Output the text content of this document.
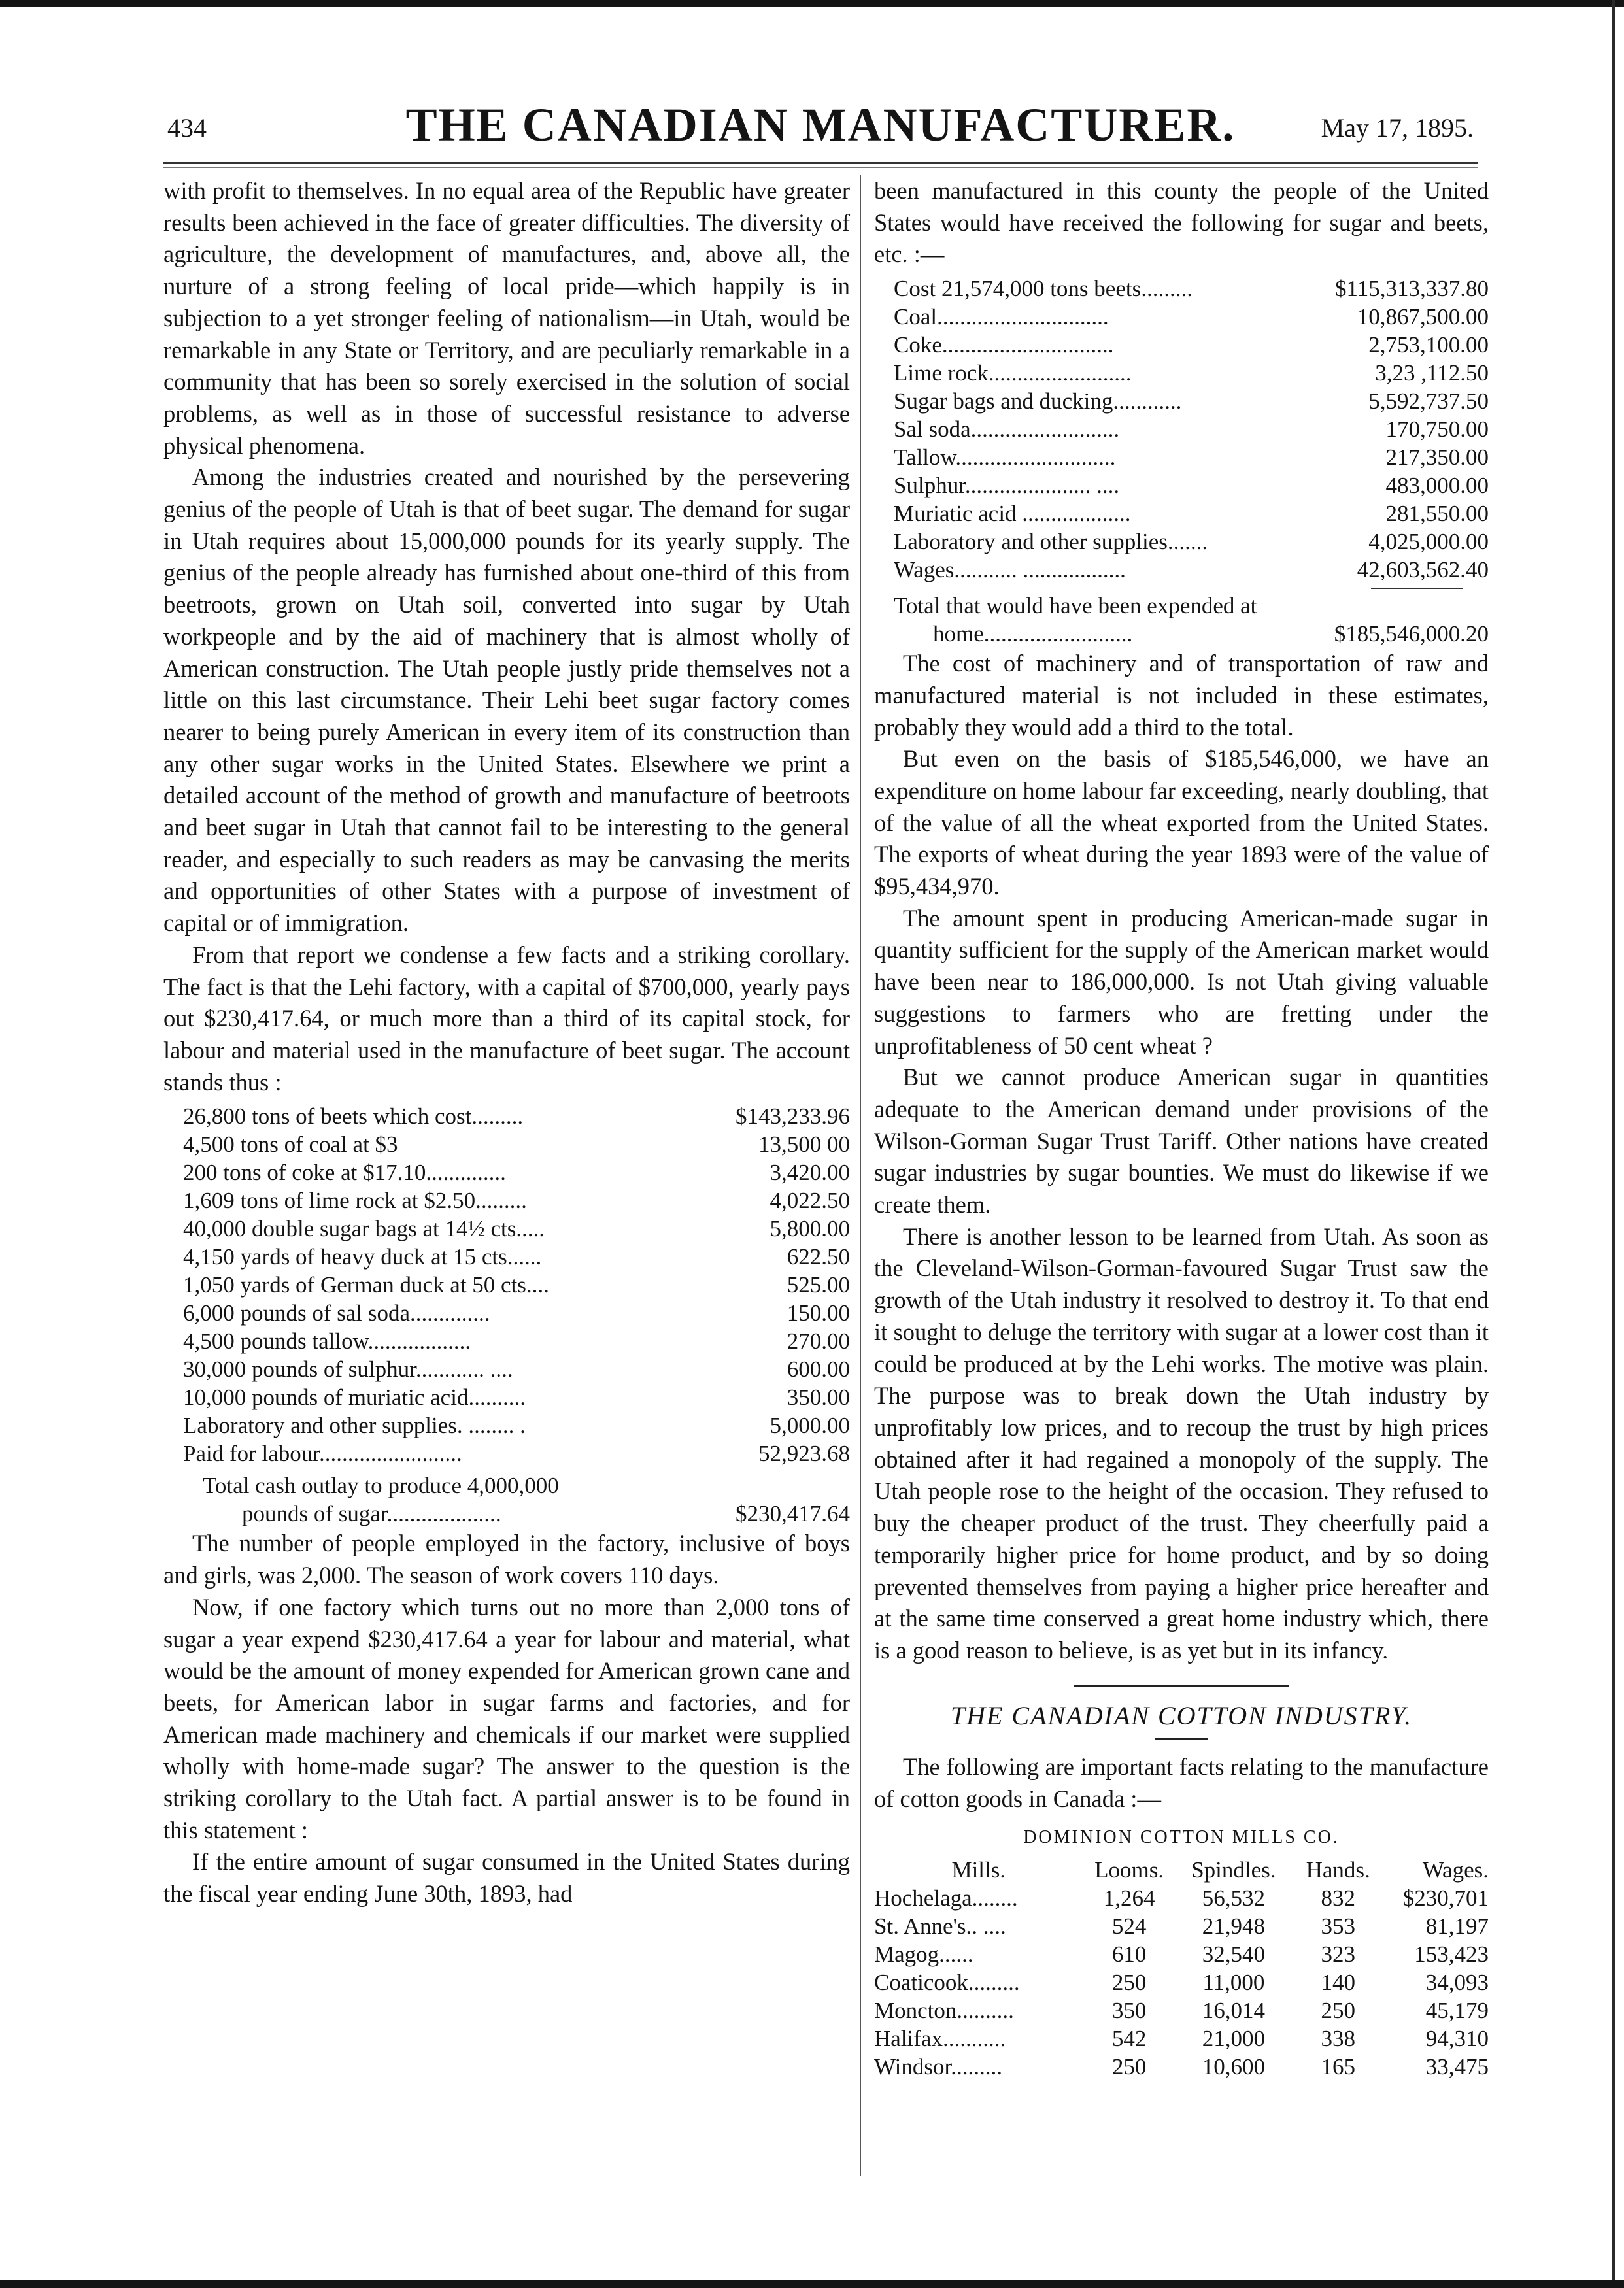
434	THE CANADIAN MANUFACTURER.	May 17, 1895.

with profit to themselves. In no equal area of the Republic have greater results been achieved in the face of greater difficulties. The diversity of agriculture, the development of manufactures, and, above all, the nurture of a strong feeling of local pride—which happily is in subjection to a yet stronger feeling of nationalism—in Utah, would be remarkable in any State or Territory, and are peculiarly remarkable in a community that has been so sorely exercised in the solution of social problems, as well as in those of successful resistance to adverse physical phenomena.

Among the industries created and nourished by the persevering genius of the people of Utah is that of beet sugar. The demand for sugar in Utah requires about 15,000,000 pounds for its yearly supply. The genius of the people already has furnished about one-third of this from beetroots, grown on Utah soil, converted into sugar by Utah workpeople and by the aid of machinery that is almost wholly of American construction. The Utah people justly pride themselves not a little on this last circumstance. Their Lehi beet sugar factory comes nearer to being purely American in every item of its construction than any other sugar works in the United States. Elsewhere we print a detailed account of the method of growth and manufacture of beetroots and beet sugar in Utah that cannot fail to be interesting to the general reader, and especially to such readers as may be canvasing the merits and opportunities of other States with a purpose of investment of capital or of immigration.

From that report we condense a few facts and a striking corollary. The fact is that the Lehi factory, with a capital of $700,000, yearly pays out $230,417.64, or much more than a third of its capital stock, for labour and material used in the manufacture of beet sugar. The account stands thus :

26,800 tons of beets which cost.........	$143,233.96
4,500 tons of coal at $3	13,500 00
200 tons of coke at $17.10..............	3,420.00
1,609 tons of lime rock at $2.50.........	4,022.50
40,000 double sugar bags at 14½ cts.....	5,800.00
4,150 yards of heavy duck at 15 cts......	622.50
1,050 yards of German duck at 50 cts....	525.00
6,000 pounds of sal soda..............	150.00
4,500 pounds tallow..................	270.00
30,000 pounds of sulphur............ ....	600.00
10,000 pounds of muriatic acid..........	350.00
Laboratory and other supplies. ........ .	5,000.00
Paid for labour.........................	52,923.68
Total cash outlay to produce 4,000,000
pounds of sugar....................	$230,417.64

The number of people employed in the factory, inclusive of boys and girls, was 2,000. The season of work covers 110 days.

Now, if one factory which turns out no more than 2,000 tons of sugar a year expend $230,417.64 a year for labour and material, what would be the amount of money expended for American grown cane and beets, for American labor in sugar farms and factories, and for American made machinery and chemicals if our market were supplied wholly with home-made sugar? The answer to the question is the striking corollary to the Utah fact. A partial answer is to be found in this statement :

If the entire amount of sugar consumed in the United States during the fiscal year ending June 30th, 1893, had

been manufactured in this county the people of the United States would have received the following for sugar and beets, etc. :—

Cost 21,574,000 tons beets.........	$115,313,337.80
Coal..............................	10,867,500.00
Coke..............................	2,753,100.00
Lime rock.........................	3,23 ,112.50
Sugar bags and ducking............	5,592,737.50
Sal soda..........................	170,750.00
Tallow............................	217,350.00
Sulphur...................... ....	483,000.00
Muriatic acid ...................	281,550.00
Laboratory and other supplies.......	4,025,000.00
Wages........... ..................	42,603,562.40
Total that would have been expended at
home..........................	$185,546,000.20

The cost of machinery and of transportation of raw and manufactured material is not included in these estimates, probably they would add a third to the total.

But even on the basis of $185,546,000, we have an expenditure on home labour far exceeding, nearly doubling, that of the value of all the wheat exported from the United States. The exports of wheat during the year 1893 were of the value of $95,434,970.

The amount spent in producing American-made sugar in quantity sufficient for the supply of the American market would have been near to 186,000,000. Is not Utah giving valuable suggestions to farmers who are fretting under the unprofitableness of 50 cent wheat ?

But we cannot produce American sugar in quantities adequate to the American demand under provisions of the Wilson-Gorman Sugar Trust Tariff. Other nations have created sugar industries by sugar bounties. We must do likewise if we create them.

There is another lesson to be learned from Utah. As soon as the Cleveland-Wilson-Gorman-favoured Sugar Trust saw the growth of the Utah industry it resolved to destroy it. To that end it sought to deluge the territory with sugar at a lower cost than it could be produced at by the Lehi works. The motive was plain. The purpose was to break down the Utah industry by unprofitably low prices, and to recoup the trust by high prices obtained after it had regained a monopoly of the supply. The Utah people rose to the height of the occasion. They refused to buy the cheaper product of the trust. They cheerfully paid a temporarily higher price for home product, and by so doing prevented themselves from paying a higher price hereafter and at the same time conserved a great home industry which, there is a good reason to believe, is as yet but in its infancy.

THE CANADIAN COTTON INDUSTRY.

The following are important facts relating to the manufacture of cotton goods in Canada :—

DOMINION COTTON MILLS CO.
Mills.	Looms.	Spindles.	Hands.	Wages.
Hochelaga........	1,264	56,532	832	$230,701
St. Anne's.. ....	524	21,948	353	81,197
Magog......	610	32,540	323	153,423
Coaticook.........	250	11,000	140	34,093
Moncton..........	350	16,014	250	45,179
Halifax...........	542	21,000	338	94,310
Windsor.........	250	10,600	165	33,475
